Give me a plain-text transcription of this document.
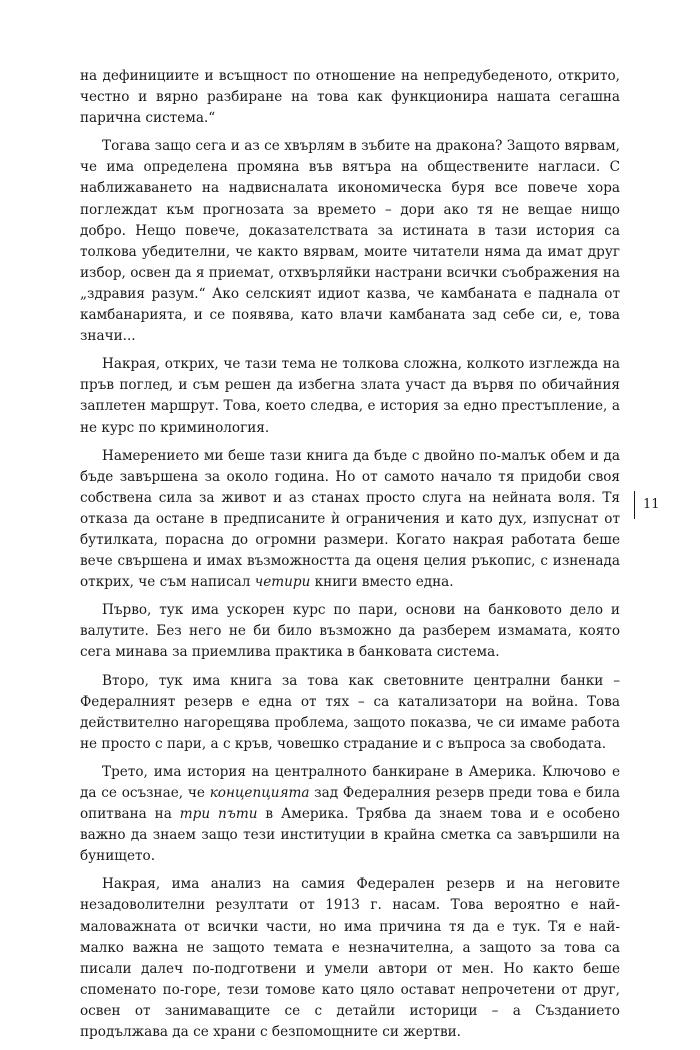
на дефинициите и всъщност по отношение на непредубеденото, открито, честно и вярно разбиране на това как функционира нашата сегашна парична система.“

Тогава защо сега и аз се хвърлям в зъбите на дракона? Защото вярвам, че има определена промяна във вятъра на обществените нагласи. С наближаването на надвисналата икономическа буря все повече хора поглеждат към прогнозата за времето – дори ако тя не вещае нищо добро. Нещо повече, доказателствата за истината в тази история са толкова убедителни, че както вярвам, моите читатели няма да имат друг избор, освен да я приемат, отхвърляйки настрани всички съображения на „здравия разум.“ Ако селският идиот казва, че камбаната е паднала от камбанарията, и се появява, като влачи камбаната зад себе си, е, това значи...

Накрая, открих, че тази тема не толкова сложна, колкото изглежда на пръв поглед, и съм решен да избегна злата участ да вървя по обичайния заплетен маршрут. Това, което следва, е история за едно престъпление, а не курс по криминология.

Намерението ми беше тази книга да бъде с двойно по-малък обем и да бъде завършена за около година. Но от самото начало тя придоби своя собствена сила за живот и аз станах просто слуга на нейната воля. Тя отказа да остане в предписаните ѝ ограничения и като дух, изпуснат от бутилката, порасна до огромни размери. Когато накрая работата беше вече свършена и имах възможността да оценя целия ръкопис, с изненада открих, че съм написал четири книги вместо една.

Първо, тук има ускорен курс по пари, основи на банковото дело и валутите. Без него не би било възможно да разберем измамата, която сега минава за приемлива практика в банковата система.

Второ, тук има книга за това как световните централни банки – Федералният резерв е една от тях – са катализатори на война. Това действително нагорещява проблема, защото показва, че си имаме работа не просто с пари, а с кръв, човешко страдание и с въпроса за свободата.

Трето, има история на централното банкиране в Америка. Ключово е да се осъзнае, че концепцията зад Федералния резерв преди това е била опитвана на три пъти в Америка. Трябва да знаем това и е особено важно да знаем защо тези институции в крайна сметка са завършили на бунището.

Накрая, има анализ на самия Федерален резерв и на неговите незадоволителни резултати от 1913 г. насам. Това вероятно е най-маловажната от всички части, но има причина тя да е тук. Тя е най-малко важна не защото темата е незначителна, а защото за това са писали далеч по-подготвени и умели автори от мен. Но както беше споменато по-горе, тези томове като цяло остават непрочетени от друг, освен от занимаващите се с детайли историци – а Създанието продължава да се храни с безпомощните си жертви.

11
